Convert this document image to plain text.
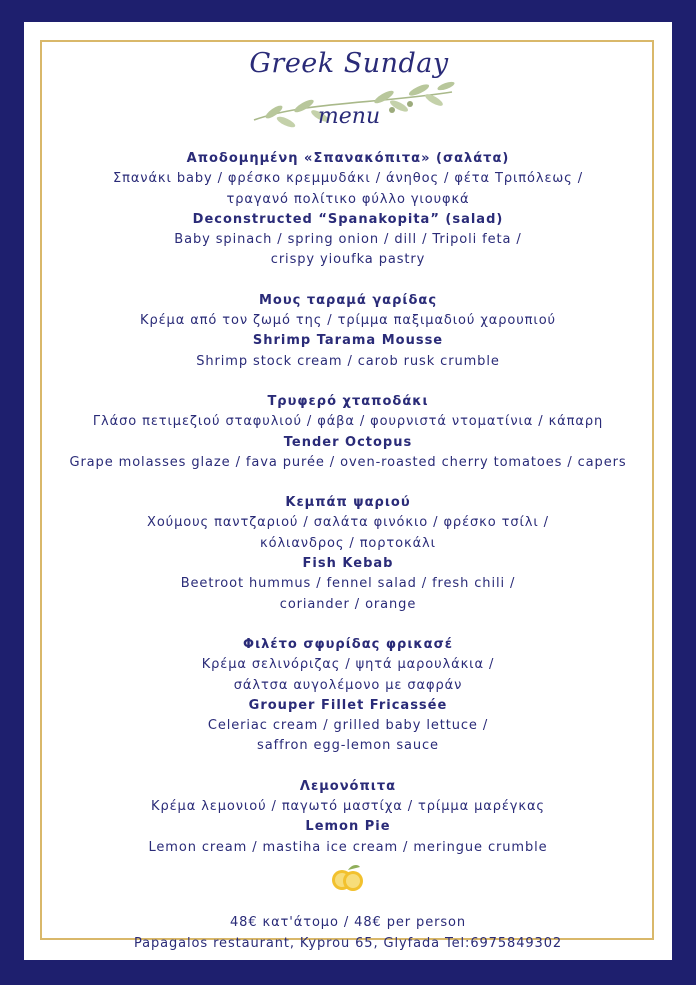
Greek Sunday
menu
Αποδομημένη «Σπανακόπιτα» (σαλάτα)
Σπανάκι baby / φρέσκο κρεμμυδάκι / άνηθος / φέτα Τριπόλεως /
τραγανό πολίτικο φύλλο γιουφκά
Deconstructed “Spanakopita” (salad)
Baby spinach / spring onion / dill / Tripoli feta /
crispy yioufka pastry
Μους ταραμά γαρίδας
Κρέμα από τον ζωμό της / τρίμμα παξιμαδιού χαρουπιού
Shrimp Tarama Mousse
Shrimp stock cream / carob rusk crumble
Τρυφερό χταποδάκι
Γλάσο πετιμεζιού σταφυλιού / φάβα / φουρνιστά ντοματίνια / κάπαρη
Tender Octopus
Grape molasses glaze / fava purée / oven-roasted cherry tomatoes / capers
Κεμπάπ ψαριού
Χούμους παντζαριού / σαλάτα φινόκιο / φρέσκο τσίλι /
κόλιανδρος / πορτοκάλι
Fish Kebab
Beetroot hummus / fennel salad / fresh chili /
coriander / orange
Φιλέτο σφυρίδας φρικασέ
Κρέμα σελινόριζας / ψητά μαρουλάκια /
σάλτσα αυγολέμονο με σαφράν
Grouper Fillet Fricassée
Celeriac cream / grilled baby lettuce /
saffron egg-lemon sauce
Λεμονόπιτα
Κρέμα λεμονιού / παγωτό μαστίχα / τρίμμα μαρέγκας
Lemon Pie
Lemon cream / mastiha ice cream / meringue crumble
48€ κατ'άτομο / 48€ per person
Papagalos restaurant, Kyprou 65, Glyfada Tel:6975849302
